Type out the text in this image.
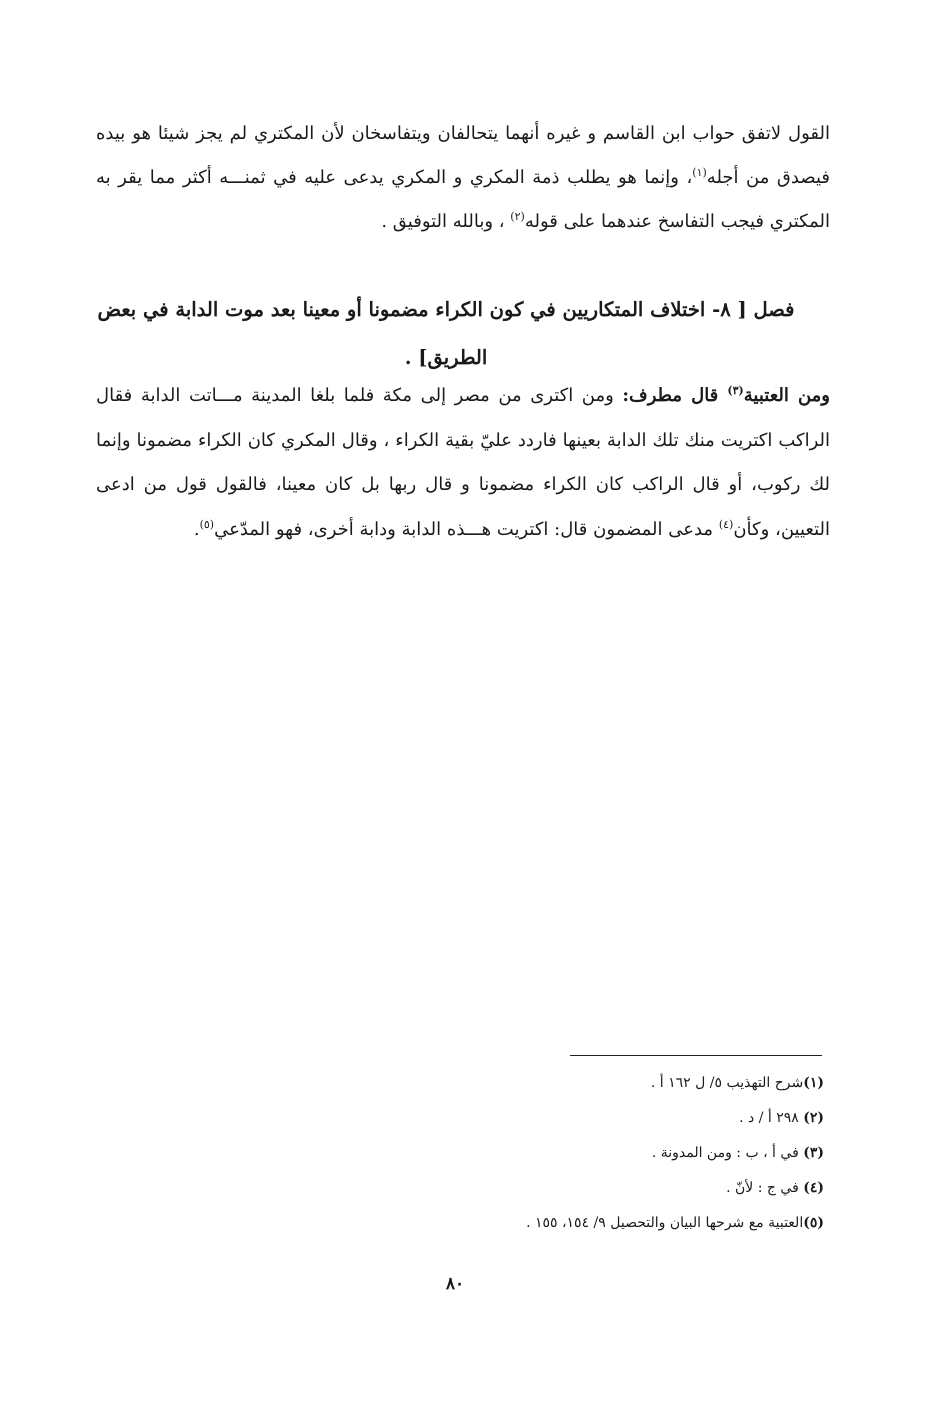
القول لاتفق حواب ابن القاسم و غيره أنهما يتحالفان ويتفاسخان لأن المكتري لم يجز شيئا هو بيده فيصدق من أجله$^{(١)}$، وإنما هو يطلب ذمة المكري و المكري يدعى عليه في ثمنـــه أكثر مما يقر به المكتري فيجب التفاسخ عندهما على قوله$^{(٢)}$ ، وبالله التوفيق .

فصل [ ٨- اختلاف المتكاريين في كون الكراء مضمونا أو معينا بعد موت الدابة في بعض الطريق] .
ومن العتبية$^{(٣)}$ قال مطرف: ومن اكترى من مصر إلى مكة فلما بلغا المدينة مـــاتت الدابة فقال الراكب اكتريت منك تلك الدابة بعينها فاردد عليّ بقية الكراء ، وقال المكري كان الكراء مضمونا وإنما لك ركوب، أو قال الراكب كان الكراء مضمونا و قال ربها بل كان معينا، فالقول قول من ادعى التعيين، وكأن$^{(٤)}$ مدعى المضمون قال: اكتريت هـــذه الدابة ودابة أخرى، فهو المدّعي$^{(٥)}$.
(١)شرح التهذيب ٥/ ل ١٦٢ أ .
(٢) ٢٩٨ أ / د .
(٣) في أ ، ب : ومن المدونة .
(٤) في ج : لأنّ .
(٥)العتبية مع شرحها البيان والتحصيل ٩/ ١٥٤، ١٥٥ .
٨٠
